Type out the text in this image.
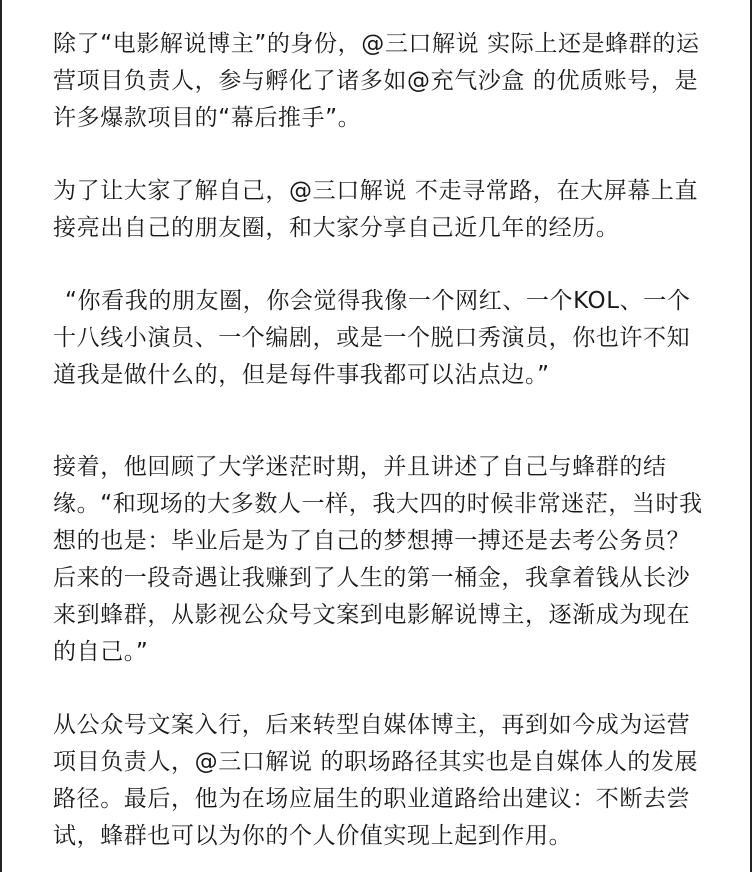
除了“电影解说博主”的身份，@三口解说 实际上还是蜂群的运营项目负责人，参与孵化了诸多如@充气沙盒 的优质账号，是许多爆款项目的“幕后推手”。

为了让大家了解自己，@三口解说 不走寻常路，在大屏幕上直接亮出自己的朋友圈，和大家分享自己近几年的经历。

“你看我的朋友圈，你会觉得我像一个网红、一个KOL、一个十八线小演员、一个编剧，或是一个脱口秀演员，你也许不知道我是做什么的，但是每件事我都可以沾点边。”

接着，他回顾了大学迷茫时期，并且讲述了自己与蜂群的结缘。“和现场的大多数人一样，我大四的时候非常迷茫，当时我想的也是：毕业后是为了自己的梦想搏一搏还是去考公务员？后来的一段奇遇让我赚到了人生的第一桶金，我拿着钱从长沙来到蜂群，从影视公众号文案到电影解说博主，逐渐成为现在的自己。”

从公众号文案入行，后来转型自媒体博主，再到如今成为运营项目负责人，@三口解说 的职场路径其实也是自媒体人的发展路径。最后，他为在场应届生的职业道路给出建议：不断去尝试，蜂群也可以为你的个人价值实现上起到作用。
